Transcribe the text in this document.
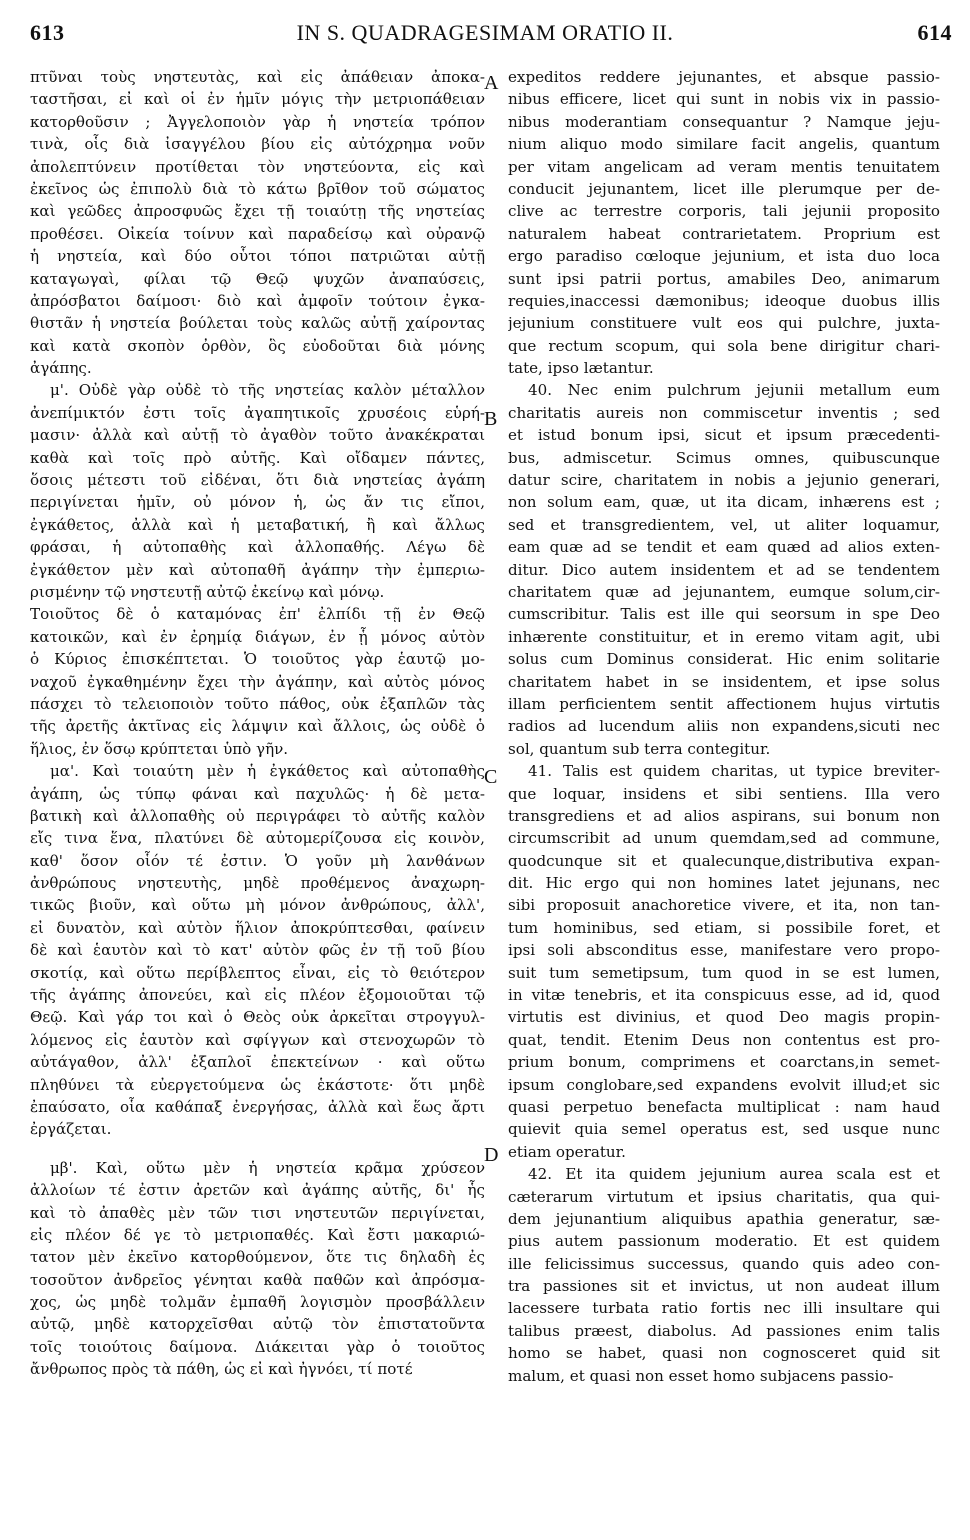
613	IN S. QUADRAGESIMAM ORATIO II.	614
πτῦναι τοὺς νηστευτὰς, καὶ εἰς ἀπάθειαν ἀποκα-
ταστῆσαι, εἰ καὶ οἱ ἐν ἡμῖν μόγις τὴν μετριοπάθειαν
κατορθοῦσιν ; Ἀγγελοποιὸν γὰρ ἡ νηστεία τρόπον
τινὰ, οἷς διὰ ἰσαγγέλου βίου εἰς αὐτόχρημα νοῦν
ἀπολεπτύνειν προτίθεται τὸν νηστεύοντα, εἰς καὶ
ἐκεῖνος ὡς ἐπιπολὺ διὰ τὸ κάτω βρῖθον τοῦ σώματος
καὶ γεῶδες ἀπροσφυῶς ἔχει τῇ τοιαύτῃ τῆς νηστείας
προθέσει. Οἰκεία τοίνυν καὶ παραδείσῳ καὶ οὐρανῷ
ἡ νηστεία, καὶ δύο οὗτοι τόποι πατριῶται αὐτῇ
καταγωγαὶ, φίλαι τῷ Θεῷ ψυχῶν ἀναπαύσεις,
ἀπρόσβατοι δαίμοσι· διὸ καὶ ἀμφοῖν τούτοιν ἐγκα-
θιστᾶν ἡ νηστεία βούλεται τοὺς καλῶς αὐτῇ χαίροντας
καὶ κατὰ σκοπὸν ὀρθὸν, ὃς εὐοδοῦται διὰ μόνης
ἀγάπης.
μ'. Οὐδὲ γὰρ οὐδὲ τὸ τῆς νηστείας καλὸν μέταλλον
ἀνεπίμικτόν ἐστι τοῖς ἀγαπητικοῖς χρυσέοις εὑρή-
μασιν· ἀλλὰ καὶ αὐτῇ τὸ ἀγαθὸν τοῦτο ἀνακέκραται
καθὰ καὶ τοῖς πρὸ αὐτῆς. Καὶ οἴδαμεν πάντες,
ὅσοις μέτεστι τοῦ εἰδέναι, ὅτι διὰ νηστείας ἀγάπη
περιγίνεται ἡμῖν, οὐ μόνον ἡ, ὡς ἄν τις εἴποι,
ἐγκάθετος, ἀλλὰ καὶ ἡ μεταβατική, ἢ καὶ ἄλλως
φράσαι, ἡ αὐτοπαθὴς καὶ ἀλλοπαθής. Λέγω δὲ
ἐγκάθετον μὲν καὶ αὐτοπαθῆ ἀγάπην τὴν ἐμπεριω-
ρισμένην τῷ νηστευτῇ αὐτῷ ἐκείνῳ καὶ μόνῳ.
Τοιοῦτος δὲ ὁ καταμόνας ἐπ' ἐλπίδι τῇ ἐν Θεῷ
κατοικῶν, καὶ ἐν ἐρημίᾳ διάγων, ἐν ᾗ μόνος αὐτὸν
ὁ Κύριος ἐπισκέπτεται. Ὁ τοιοῦτος γὰρ ἑαυτῷ μο-
ναχοῦ ἐγκαθημένην ἔχει τὴν ἀγάπην, καὶ αὐτὸς μόνος
πάσχει τὸ τελειοποιὸν τοῦτο πάθος, οὐκ ἐξαπλῶν τὰς
τῆς ἀρετῆς ἀκτῖνας εἰς λάμψιν καὶ ἄλλοις, ὡς οὐδὲ ὁ
ἥλιος, ἐν ὅσῳ κρύπτεται ὑπὸ γῆν.
μα'. Καὶ τοιαύτη μὲν ἡ ἐγκάθετος καὶ αὐτοπαθὴς
ἀγάπη, ὡς τύπῳ φάναι καὶ παχυλῶς· ἡ δὲ μετα-
βατικὴ καὶ ἀλλοπαθὴς οὐ περιγράφει τὸ αὐτῆς καλὸν
εἴς τινα ἕνα, πλατύνει δὲ αὐτομερίζουσα εἰς κοινὸν,
καθ' ὅσον οἷόν τέ ἐστιν. Ὁ γοῦν μὴ λανθάνων
ἀνθρώπους νηστευτὴς, μηδὲ προθέμενος ἀναχωρη-
τικῶς βιοῦν, καὶ οὕτω μὴ μόνον ἀνθρώπους, ἀλλ',
εἰ δυνατὸν, καὶ αὐτὸν ἥλιον ἀποκρύπτεσθαι, φαίνειν
δὲ καὶ ἑαυτὸν καὶ τὸ κατ' αὐτὸν φῶς ἐν τῇ τοῦ βίου
σκοτίᾳ, καὶ οὕτω περίβλεπτος εἶναι, εἰς τὸ θειότερον
τῆς ἀγάπης ἀπονεύει, καὶ εἰς πλέον ἐξομοιοῦται τῷ
Θεῷ. Καὶ γάρ τοι καὶ ὁ Θεὸς οὐκ ἀρκεῖται στρογγυλ-
λόμενος εἰς ἑαυτὸν καὶ σφίγγων καὶ στενοχωρῶν τὸ
αὐτάγαθον, ἀλλ' ἐξαπλοῖ ἐπεκτείνων · καὶ οὕτω
πληθύνει τὰ εὐεργετούμενα ὡς ἑκάστοτε· ὅτι μηδὲ
ἐπαύσατο, οἷα καθάπαξ ἐνεργήσας, ἀλλὰ καὶ ἕως ἄρτι
ἐργάζεται.
μβ'. Καὶ, οὕτω μὲν ἡ νηστεία κρᾶμα χρύσεον
ἀλλοίων τέ ἐστιν ἀρετῶν καὶ ἀγάπης αὐτῆς, δι' ἧς
καὶ τὸ ἀπαθὲς μὲν τῶν τισι νηστευτῶν περιγίνεται,
εἰς πλέον δέ γε τὸ μετριοπαθές. Καὶ ἔστι μακαριώ-
τατον μὲν ἐκεῖνο κατορθούμενον, ὅτε τις δηλαδὴ ἐς
τοσοῦτον ἀνδρεῖος γένηται καθὰ παθῶν καὶ ἀπρόσμα-
χος, ὡς μηδὲ τολμᾶν ἐμπαθῆ λογισμὸν προσβάλλειν
αὐτῷ, μηδὲ κατορχεῖσθαι αὐτῷ τὸν ἐπιστατοῦντα
τοῖς τοιούτοις δαίμονα. Διάκειται γὰρ ὁ τοιοῦτος
ἄνθρωπος πρὸς τὰ πάθη, ὡς εἰ καὶ ἠγνόει, τί ποτέ
expeditos reddere jejunantes, et absque passio-
nibus efficere, licet qui sunt in nobis vix in passio-
nibus moderantiam consequantur ? Namque jeju-
nium aliquo modo similare facit angelis, quantum
per vitam angelicam ad veram mentis tenuitatem
conducit jejunantem, licet ille plerumque per de-
clive ac terrestre corporis, tali jejunii proposito
naturalem habeat contrarietatem. Proprium est
ergo paradiso cœloque jejunium, et ista duo loca
sunt ipsi patrii portus, amabiles Deo, animarum
requies,inaccessi dæmonibus; ideoque duobus illis
jejunium constituere vult eos qui pulchre, juxta-
que rectum scopum, qui sola bene dirigitur chari-
tate, ipso lætantur.
40. Nec enim pulchrum jejunii metallum eum
charitatis aureis non commiscetur inventis ; sed
et istud bonum ipsi, sicut et ipsum præcedenti-
bus, admiscetur. Scimus omnes, quibuscunque
datur scire, charitatem in nobis a jejunio generari,
non solum eam, quæ, ut ita dicam, inhærens est ;
sed et transgredientem, vel, ut aliter loquamur,
eam quæ ad se tendit et eam quæd ad alios exten-
ditur. Dico autem insidentem et ad se tendentem
charitatem quæ ad jejunantem, eumque solum,cir-
cumscribitur. Talis est ille qui seorsum in spe Deo
inhærente constituitur, et in eremo vitam agit, ubi
solus cum Dominus considerat. Hic enim solitarie
charitatem habet in se insidentem, et ipse solus
illam perficientem sentit affectionem hujus virtutis
radios ad lucendum aliis non expandens,sicuti nec
sol, quantum sub terra contegitur.
41. Talis est quidem charitas, ut typice breviter-
que loquar, insidens et sibi sentiens. Illa vero
transgrediens et ad alios aspirans, sui bonum non
circumscribit ad unum quemdam,sed ad commune,
quodcunque sit et qualecunque,distributiva expan-
dit. Hic ergo qui non homines latet jejunans, nec
sibi proposuit anachoretice vivere, et ita, non tan-
tum hominibus, sed etiam, si possibile foret, et
ipsi soli absconditus esse, manifestare vero propo-
suit tum semetipsum, tum quod in se est lumen,
in vitæ tenebris, et ita conspicuus esse, ad id, quod
virtutis est divinius, et quod Deo magis propin-
quat, tendit. Etenim Deus non contentus est pro-
prium bonum, comprimens et coarctans,in semet-
ipsum conglobare,sed expandens evolvit illud;et sic
quasi perpetuo benefacta multiplicat : nam haud
quievit quia semel operatus est, sed usque nunc
etiam operatur.
42. Et ita quidem jejunium aurea scala est et
cæterarum virtutum et ipsius charitatis, qua qui-
dem jejunantium aliquibus apathia generatur, sæ-
pius autem passionum moderatio. Et est quidem
ille felicissimus successus, quando quis adeo con-
tra passiones sit et invictus, ut non audeat illum
lacessere turbata ratio fortis nec illi insultare qui
talibus præest, diabolus. Ad passiones enim talis
homo se habet, quasi non cognosceret quid sit
malum, et quasi non esset homo subjacens passio-
A
B
C
D
